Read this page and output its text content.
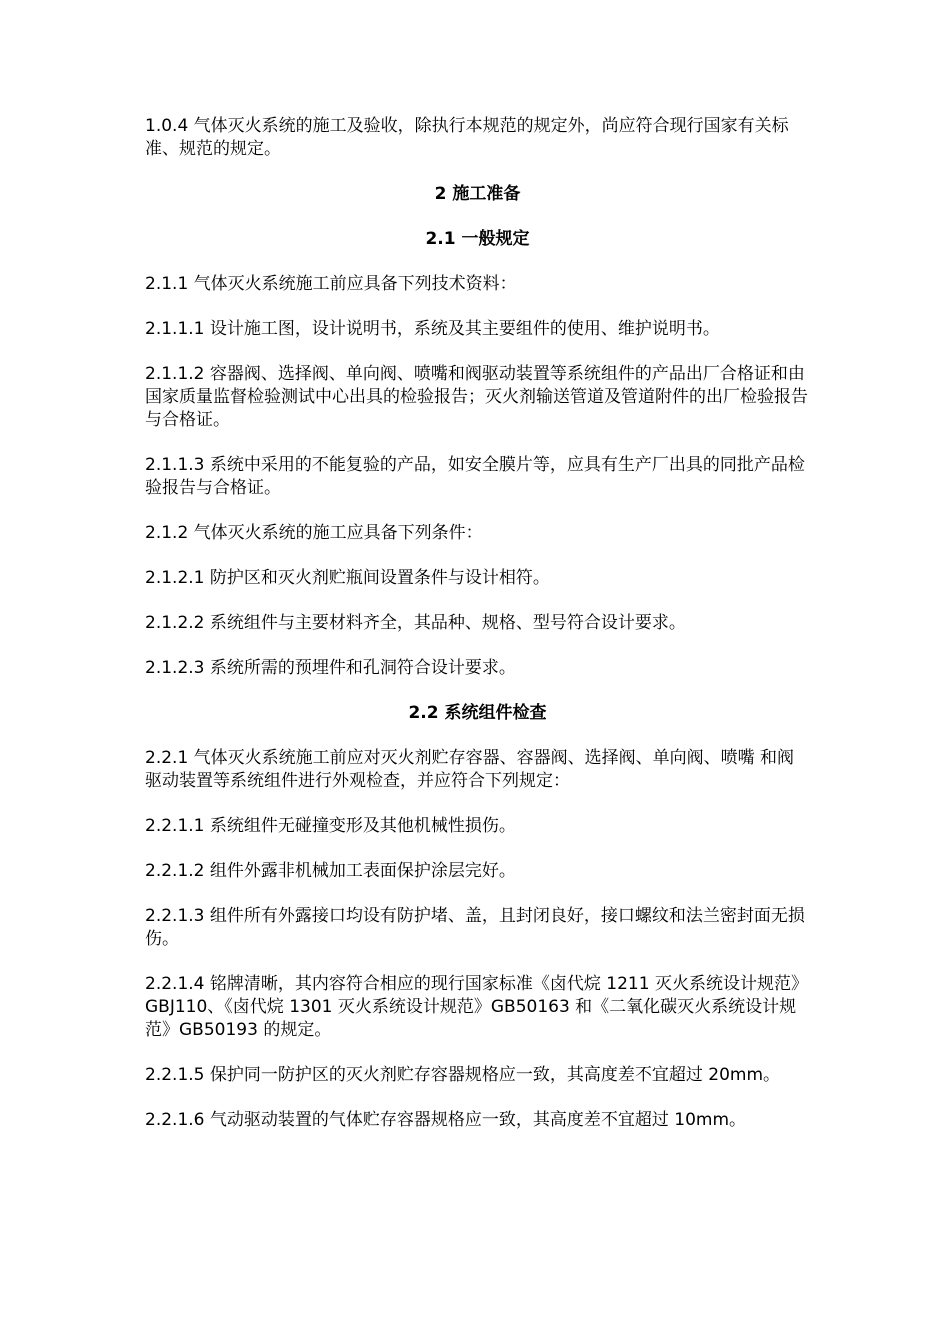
1.0.4 气体灭火系统的施工及验收，除执行本规范的规定外，尚应符合现行国家有关标准、规范的规定。

2 施工准备
2.1 一般规定

2.1.1 气体灭火系统施工前应具备下列技术资料：

2.1.1.1 设计施工图，设计说明书，系统及其主要组件的使用、维护说明书。

2.1.1.2 容器阀、选择阀、单向阀、喷嘴和阀驱动装置等系统组件的产品出厂合格证和由国家质量监督检验测试中心出具的检验报告；灭火剂输送管道及管道附件的出厂检验报告与合格证。

2.1.1.3 系统中采用的不能复验的产品，如安全膜片等，应具有生产厂出具的同批产品检验报告与合格证。

2.1.2 气体灭火系统的施工应具备下列条件：

2.1.2.1 防护区和灭火剂贮瓶间设置条件与设计相符。

2.1.2.2 系统组件与主要材料齐全，其品种、规格、型号符合设计要求。

2.1.2.3 系统所需的预埋件和孔洞符合设计要求。

2.2 系统组件检查

2.2.1 气体灭火系统施工前应对灭火剂贮存容器、容器阀、选择阀、单向阀、喷嘴 和阀驱动装置等系统组件进行外观检查，并应符合下列规定：

2.2.1.1 系统组件无碰撞变形及其他机械性损伤。

2.2.1.2 组件外露非机械加工表面保护涂层完好。

2.2.1.3 组件所有外露接口均设有防护堵、盖，且封闭良好，接口螺纹和法兰密封面无损伤。

2.2.1.4 铭牌清晰，其内容符合相应的现行国家标准《卤代烷 1211 灭火系统设计规范》GBJ110、《卤代烷 1301 灭火系统设计规范》GB50163 和《二氧化碳灭火系统设计规范》GB50193 的规定。

2.2.1.5 保护同一防护区的灭火剂贮存容器规格应一致，其高度差不宜超过 20mm。

2.2.1.6 气动驱动装置的气体贮存容器规格应一致，其高度差不宜超过 10mm。
